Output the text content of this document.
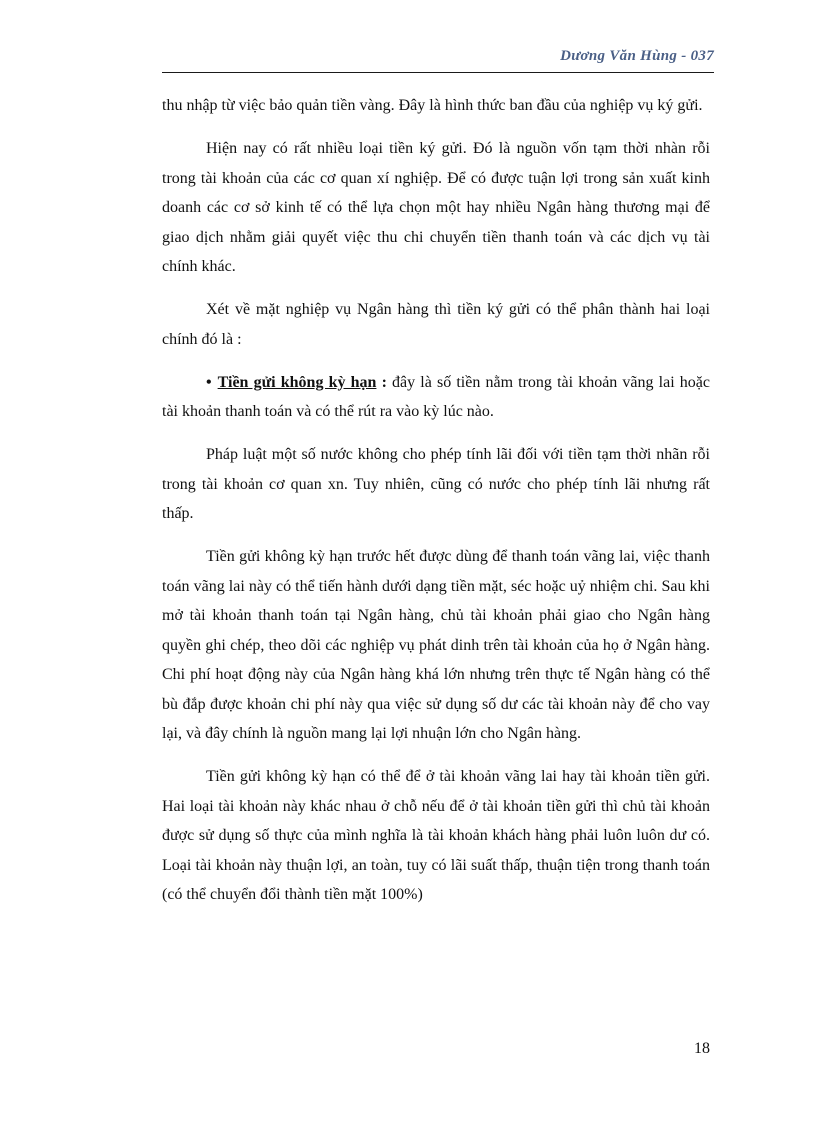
Dương Văn Hùng - 037

thu nhập từ việc bảo quản tiền vàng. Đây là hình thức ban đầu của nghiệp vụ ký gửi.

Hiện nay có rất nhiều loại tiền ký gửi. Đó là nguồn vốn tạm thời nhàn rỗi trong tài khoản của các cơ quan xí nghiệp. Để có được tuận lợi trong sản xuất kinh doanh các cơ sở kinh tế có thể lựa chọn một hay nhiều Ngân hàng thương mại để giao dịch nhằm giải quyết việc thu chi chuyển tiền thanh toán và các dịch vụ tài chính khác.

Xét về mặt nghiệp vụ Ngân hàng thì tiền ký gửi có thể phân thành hai loại chính đó là :

• Tiền gửi không kỳ hạn : đây là số tiền nằm trong tài khoản vãng lai hoặc tài khoản thanh toán và có thể rút ra vào kỳ lúc nào.

Pháp luật một số nước không cho phép tính lãi đối với tiền tạm thời nhãn rỗi trong tài khoản cơ quan xn. Tuy nhiên, cũng có nước cho phép tính lãi nhưng rất thấp.

Tiền gửi không kỳ hạn trước hết được dùng để thanh toán vãng lai, việc thanh toán vãng lai này có thể tiến hành dưới dạng tiền mặt, séc hoặc uỷ nhiệm chi. Sau khi mở tài khoản thanh toán tại Ngân hàng, chủ tài khoản phải giao cho Ngân hàng quyền ghi chép, theo dõi các nghiệp vụ phát dinh trên tài khoản của họ ở Ngân hàng. Chi phí hoạt động này của Ngân hàng khá lớn nhưng trên thực tế Ngân hàng có thể bù đắp được khoản chi phí này qua việc sử dụng số dư các tài khoản này để cho vay lại, và đây chính là nguồn mang lại lợi nhuận lớn cho Ngân hàng.

Tiền gửi không kỳ hạn có thể để ở tài khoản vãng lai hay tài khoản tiền gửi. Hai loại tài khoản này khác nhau ở chỗ nếu để ở tài khoản tiền gửi thì chủ tài khoản được sử dụng số thực của mình nghĩa là tài khoản khách hàng phải luôn luôn dư có. Loại tài khoản này thuận lợi, an toàn, tuy có lãi suất thấp, thuận tiện trong thanh toán (có thể chuyển đổi thành tiền mặt 100%)

18
